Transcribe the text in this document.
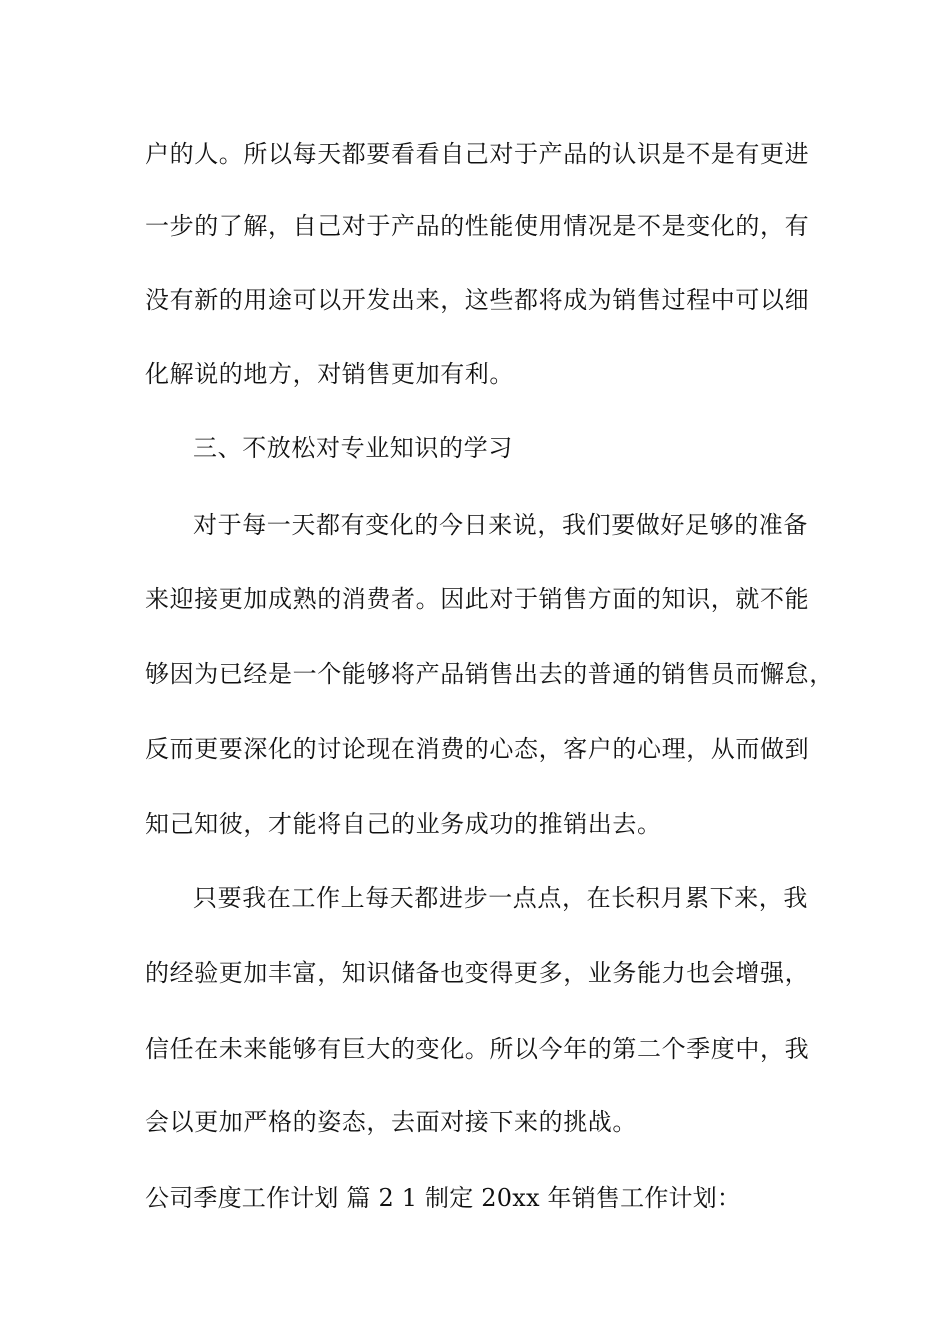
户的人。所以每天都要看看自己对于产品的认识是不是有更进
一步的了解，自己对于产品的性能使用情况是不是变化的，有
没有新的用途可以开发出来，这些都将成为销售过程中可以细
化解说的地方，对销售更加有利。
三、不放松对专业知识的学习
对于每一天都有变化的今日来说，我们要做好足够的准备
来迎接更加成熟的消费者。因此对于销售方面的知识，就不能
够因为已经是一个能够将产品销售出去的普通的销售员而懈怠，
反而更要深化的讨论现在消费的心态，客户的心理，从而做到
知己知彼，才能将自己的业务成功的推销出去。
只要我在工作上每天都进步一点点，在长积月累下来，我
的经验更加丰富，知识储备也变得更多，业务能力也会增强，
信任在未来能够有巨大的变化。所以今年的第二个季度中，我
会以更加严格的姿态，去面对接下来的挑战。
公司季度工作计划 篇 2 1 制定 20xx 年销售工作计划：
